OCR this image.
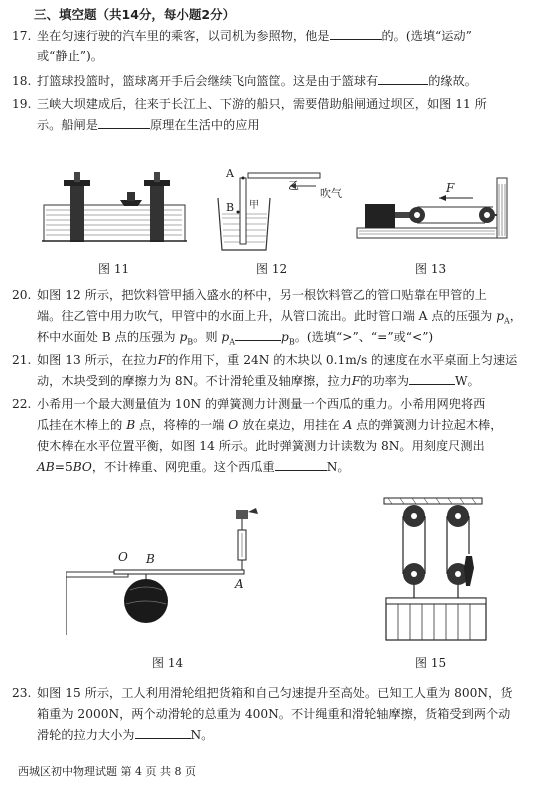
三、填空题（共14分，每小题2分）
17. 坐在匀速行驶的汽车里的乘客，以司机为参照物，他是	的。(选填“运动”
或“静止”)。
18. 打篮球投篮时，篮球离开手后会继续飞向篮筐。这是由于篮球有	的缘故。
19. 三峡大坝建成后，往来于长江上、下游的船只，需要借助船闸通过坝区，如图 11 所
示。船闸是	原理在生活中的应用
图 11
A
B 甲
乙
吹气
图 12
F
图 13
20. 如图 12 所示，把饮料管甲插入盛水的杯中，另一根饮料管乙的管口贴靠在甲管的上
端。往乙管中用力吹气，甲管中的水面上升，从管口流出。此时管口端 A 点的压强为 $p_A$，
杯中水面处 B 点的压强为 $p_B$。则 $p_A$	$p_B$。(选填“>”、“=”或“<”)
21. 如图 13 所示，在拉力F的作用下，重 24N 的木块以 0.1m/s 的速度在水平桌面上匀速运
动，木块受到的摩擦力为 8N。不计滑轮重及轴摩擦，拉力F的功率为	W。
22. 小希用一个最大测量值为 10N 的弹簧测力计测量一个西瓜的重力。小希用网兜将西
瓜挂在木棒上的 B 点，将棒的一端 O 放在桌边，用挂在 A 点的弹簧测力计拉起木棒，
使木棒在水平位置平衡，如图 14 所示。此时弹簧测力计读数为 8N。用刻度尺测出
AB=5BO，不计棒重、网兜重。这个西瓜重	N。
O B
A
图 14	图 15
23. 如图 15 所示，工人利用滑轮组把货箱和自己匀速提升至高处。已知工人重为 800N，货
箱重为 2000N，两个动滑轮的总重为 400N。不计绳重和滑轮轴摩擦，货箱受到两个动
滑轮的拉力大小为	N。
西城区初中物理试题 第 4 页 共 8 页
